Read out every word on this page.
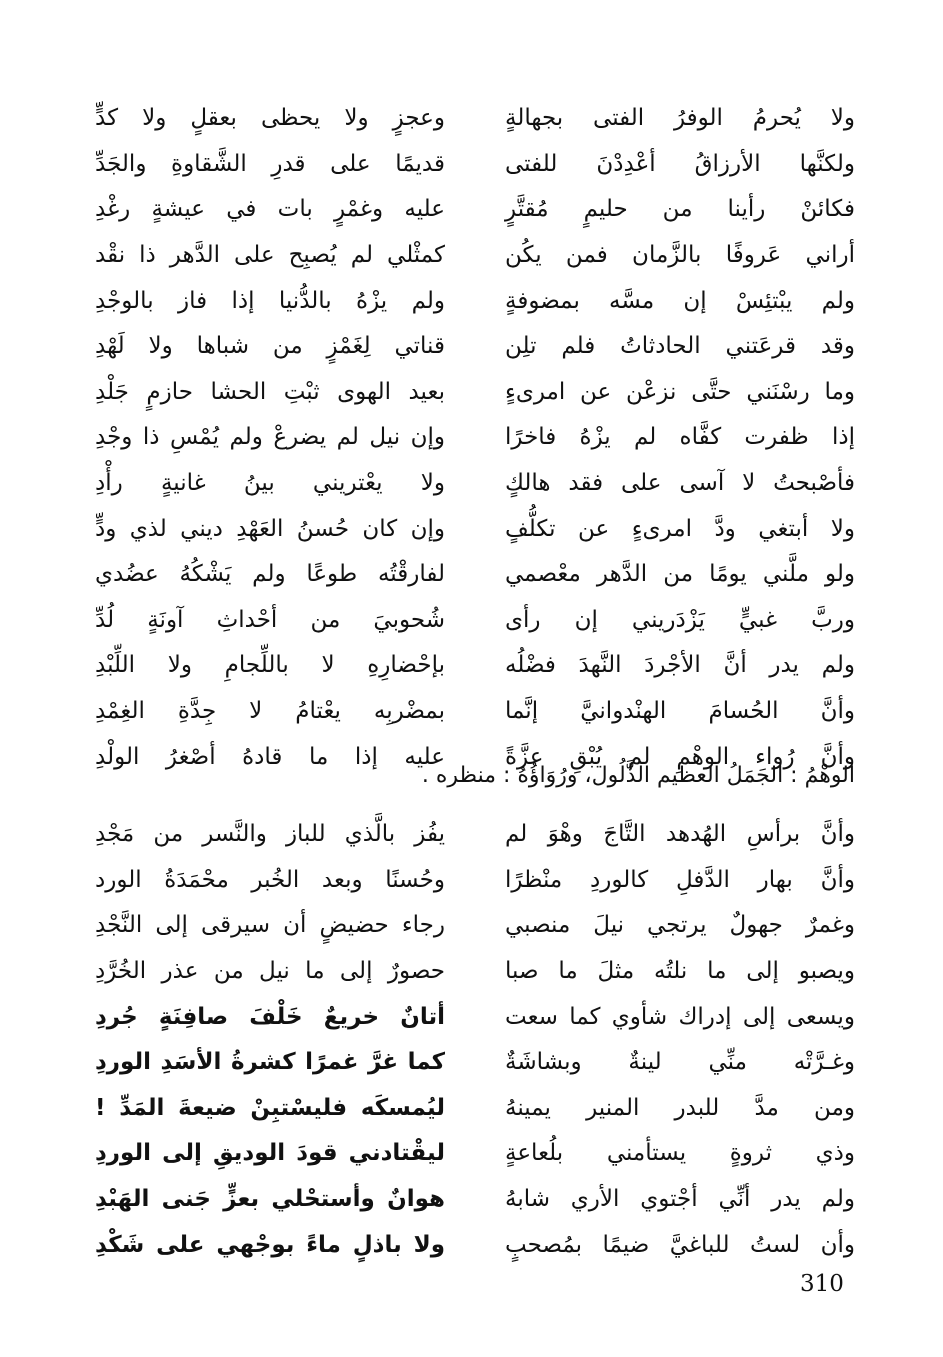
ولا يُحرمُ الوفرُ الفتى بجهالةٍ
وعجزٍ ولا يحظى بعقلٍ ولا كدٍّ
ولكنَّها الأرزاقُ أعْدِدْنَ للفتى
قديمًا على قدرِ الشَّقاوةِ والجَدِّ
فكائنْ رأينا من حليمٍ مُقتَّرٍ
عليه وغمْرٍ بات في عيشةٍ رغْدِ
أراني عَروفًا بالزَّمان فمن يكُن
كمثْلي لم يُصبِح على الدَّهر ذا نقْد
ولم يبْتئِسْ إن مسَّه بمضوفةٍ
ولم يزْهُ بالدُّنيا إذا فاز بالوجْدِ
وقد قرعَتني الحادثاتُ فلم تلِن
قناتي لِغَمْزٍ من شباها ولا لَهْدِ
وما رسْنَني حتَّى نزعْن عن امرىءٍ
بعيد الهوى ثبْتِ الحشا حازمٍ جَلْدِ
إذا ظفرت كفَّاه لم يزْهُ فاخرًا
وإن نيل لم يضرعْ ولم يُمْسِ ذا وجْدِ
فأصْبحتُ لا آسى على فقد هالكٍ
ولا يعْتريني بينُ غانيةٍ رأْدِ
ولا أبتغي ودَّ امرىءٍ عن تكلُّفٍ
وإن كان حُسنُ العَهْدِ ديني لذي ودٍّ
ولو ملَّني يومًا من الدَّهر معْصمي
لفارقْتُه طوعًا ولم يَشْكُهُ عضُدي
وربَّ غبيٍّ يَزْدَريني إن رأى
شُحوبيَ من أحْداثِ آونَةٍ لُدِّ
ولم يدر أنَّ الأجْردَ النَّهدَ فضْلُه
بإحْضارِهِ لا باللِّجامِ ولا اللِّبْدِ
وأنَّ الحُسامَ الهنْدوانيَّ إنَّما
بمضْربِه يعْتامُ لا جِدَّةِ الغِمْدِ
وأنَّ رُواء الوهْمِ لم يُبْقِ عزَّةً
عليه إذا ما قادهُ أصْغرُ الولْدِ
الوهْمُ : الجَمَلُ العظيم الذَّلُول، ورُوَاؤُهُ : منظره .
وأنَّ برأسِ الهُدهد التَّاجَ وهْوَ لم
يفُز بالَّذي للباز والنَّسر من مَجْدِ
وأنَّ بهار الدَّفلِ كالوردِ منْظرًا
وحُسنًا وبعد الخُبر محْمَدَةُ الورد
وغمرٌ جهولٌ يرتجي نيلَ منصبي
رجاء حضيضٍ أن سيرقى إلى النَّجْدِ
ويصبو إلى ما نلتُه مثلَ ما صبا
حصورٌ إلى ما نيل من عذر الخُرَّدِ
ويسعى إلى إدراك شأوي كما سعت
أتانٌ خريعٌ خَلْفَ صافِنَةٍ جُردِ
وغـرَّتْه منِّي لينةٌ وبشاشَةٌ
كما غرَّ غمرًا كشرةُ الأسَدِ الوردِ
ومن مدَّ للبدر المنير يمينهُ
ليُمسكَه فليسْتبِنْ ضيعةَ المَدِّ !
وذي ثروةٍ يستأمني بلُعاعةٍ
ليقْتادني قودَ الوديقِ إلى الوردِ
ولم يدر أنِّي أجْتوي الأري شابهُ
هوانٌ وأستحْلي بعزٍّ جَنى الهَبْدِ
وأن لستُ للباغيَّ ضيمًا بمُصحبٍ
ولا باذلٍ ماءً بوجْهي على شَكْدِ
310
